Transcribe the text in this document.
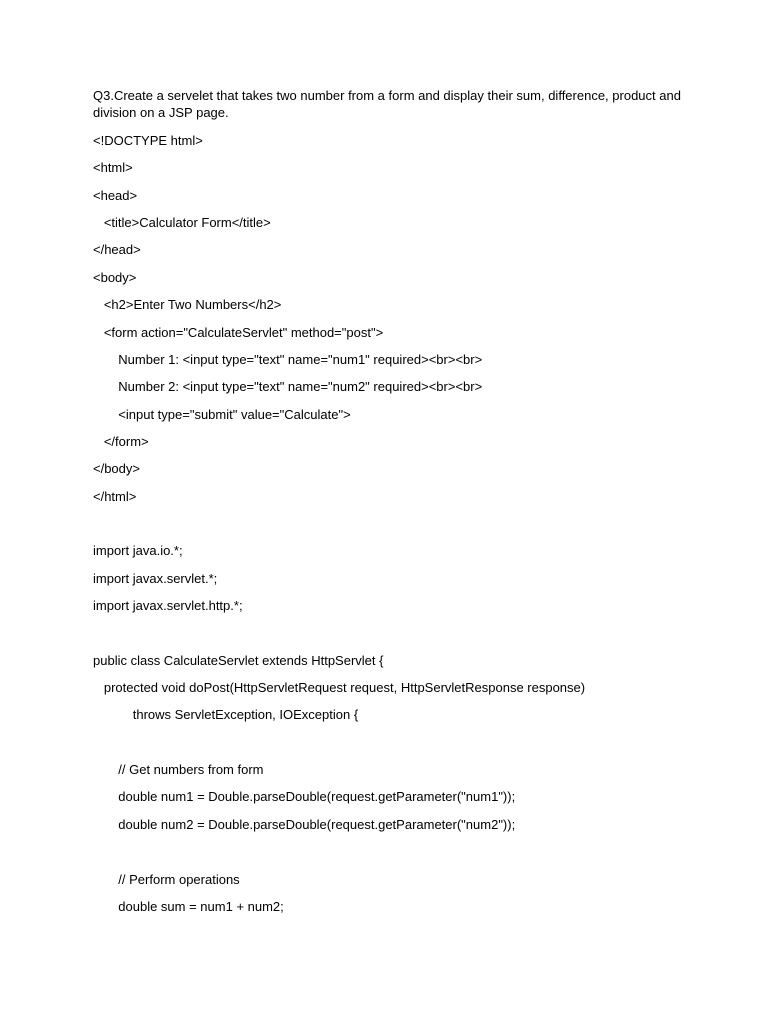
Q3.Create a servelet that takes two number from a form and display their sum, difference, product and division on a JSP page.

<!DOCTYPE html>
<html>
<head>
<title>Calculator Form</title>
</head>
<body>
<h2>Enter Two Numbers</h2>
<form action="CalculateServlet" method="post">
Number 1: <input type="text" name="num1" required><br><br>
Number 2: <input type="text" name="num2" required><br><br>
<input type="submit" value="Calculate">
</form>
</body>
</html>
import java.io.*;
import javax.servlet.*;
import javax.servlet.http.*;
public class CalculateServlet extends HttpServlet {
protected void doPost(HttpServletRequest request, HttpServletResponse response)
throws ServletException, IOException {
// Get numbers from form
double num1 = Double.parseDouble(request.getParameter("num1"));
double num2 = Double.parseDouble(request.getParameter("num2"));
// Perform operations
double sum = num1 + num2;
